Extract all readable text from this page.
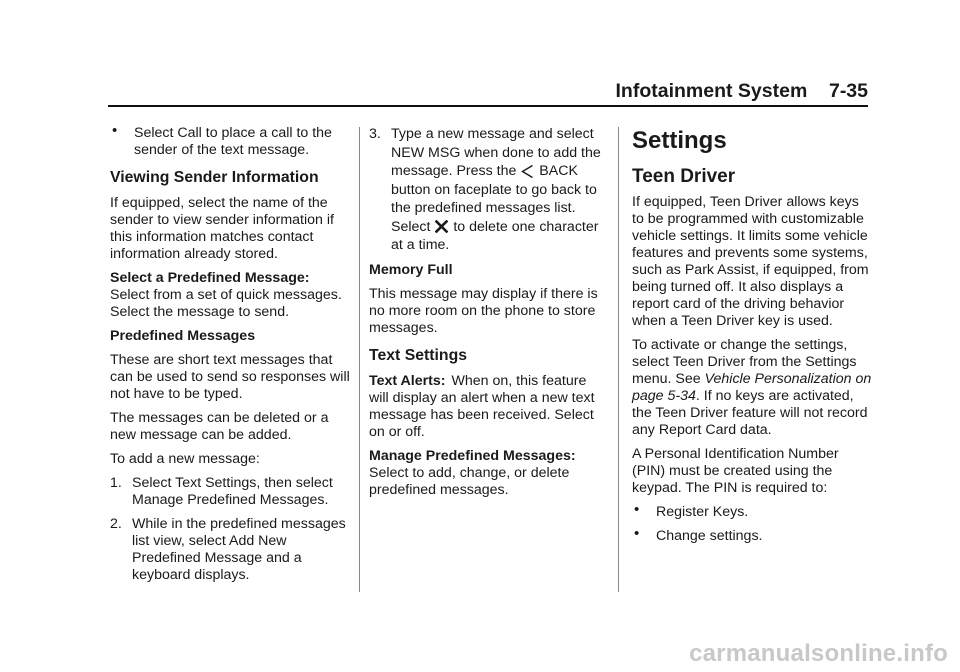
Infotainment System 7-35
• Select Call to place a call to the sender of the text message.
Viewing Sender Information

If equipped, select the name of the sender to view sender information if this information matches contact information already stored.

Select a Predefined Message:
Select from a set of quick messages. Select the message to send.

Predefined Messages

These are short text messages that can be used to send so responses will not have to be typed.

The messages can be deleted or a new message can be added.

To add a new message:

1. Select Text Settings, then select Manage Predefined Messages.
2. While in the predefined messages list view, select Add New Predefined Message and a keyboard displays.
3. Type a new message and select NEW MSG when done to add the message. Press the BACK button on faceplate to go back to the predefined messages list. Select to delete one character at a time.

Memory Full

This message may display if there is no more room on the phone to store messages.

Text Settings

Text Alerts: When on, this feature will display an alert when a new text message has been received. Select on or off.

Manage Predefined Messages:
Select to add, change, or delete predefined messages.

Settings
Teen Driver

If equipped, Teen Driver allows keys to be programmed with customizable vehicle settings. It limits some vehicle features and prevents some systems, such as Park Assist, if equipped, from being turned off. It also displays a report card of the driving behavior when a Teen Driver key is used.

To activate or change the settings, select Teen Driver from the Settings menu. See Vehicle Personalization on page 5-34. If no keys are activated, the Teen Driver feature will not record any Report Card data.

A Personal Identification Number (PIN) must be created using the keypad. The PIN is required to:

• Register Keys.
• Change settings.
carmanualsonline.info
